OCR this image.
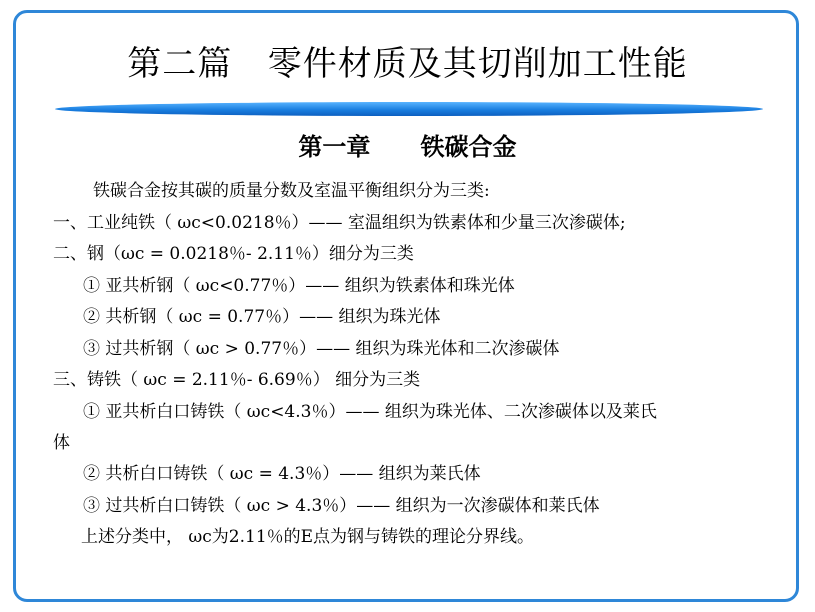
第二篇   零件材质及其切削加工性能
第一章      铁碳合金
铁碳合金按其碳的质量分数及室温平衡组织分为三类:
一、工业纯铁（ ωc<0.0218％）—— 室温组织为铁素体和少量三次渗碳体;
二、钢（ωc = 0.0218％- 2.11％）细分为三类
① 亚共析钢（ ωc<0.77％）—— 组织为铁素体和珠光体
② 共析钢（ ωc = 0.77％）—— 组织为珠光体
③ 过共析钢（ ωc > 0.77％）—— 组织为珠光体和二次渗碳体
三、铸铁（ ωc = 2.11％- 6.69％） 细分为三类
① 亚共析白口铸铁（ ωc<4.3％）—— 组织为珠光体、二次渗碳体以及莱氏
体
② 共析白口铸铁（ ωc = 4.3％）—— 组织为莱氏体
③ 过共析白口铸铁（ ωc > 4.3％）—— 组织为一次渗碳体和莱氏体
上述分类中， ωc为2.11％的E点为钢与铸铁的理论分界线。
